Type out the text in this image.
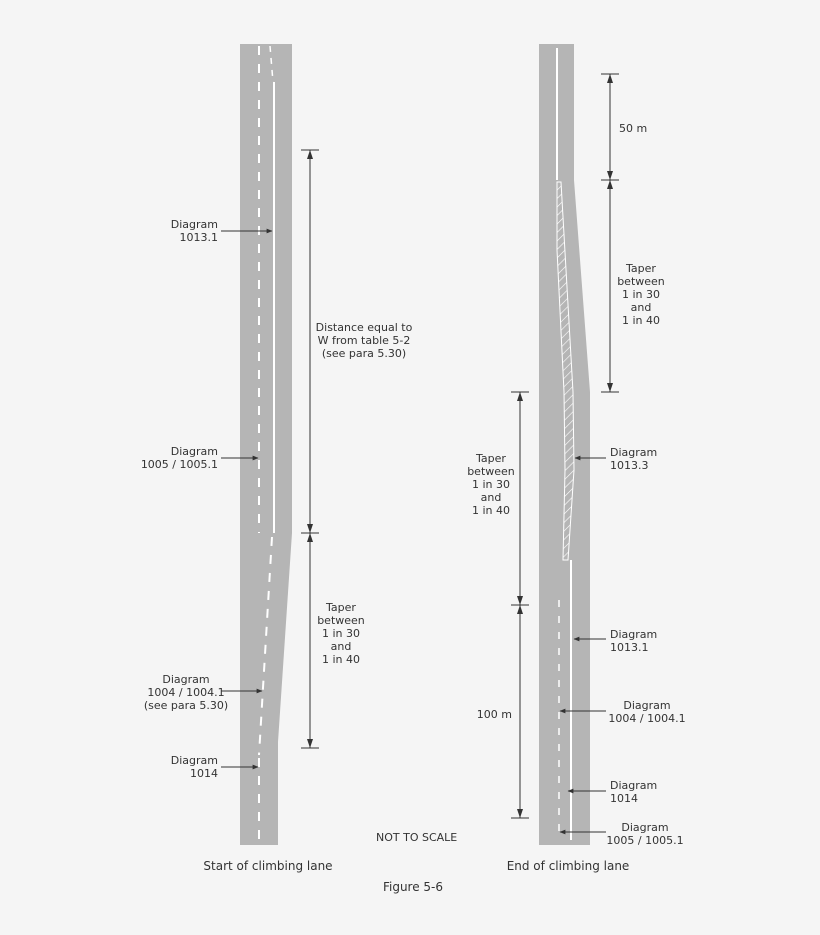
Diagram
1013.1
Diagram
1005 / 1005.1
Diagram
1004 / 1004.1
(see para 5.30)
Diagram
1014
Distance equal to
W from table 5-2
(see para 5.30)
Taper
between
1 in 30
and
1 in 40
Start of climbing lane
50 m
Taper
between
1 in 30
and
1 in 40
Taper
between
1 in 30
and
1 in 40
100 m
Diagram
1013.3
Diagram
1013.1
Diagram
1004 / 1004.1
Diagram
1014
Diagram
1005 / 1005.1
End of climbing lane
NOT TO SCALE
Figure 5-6
